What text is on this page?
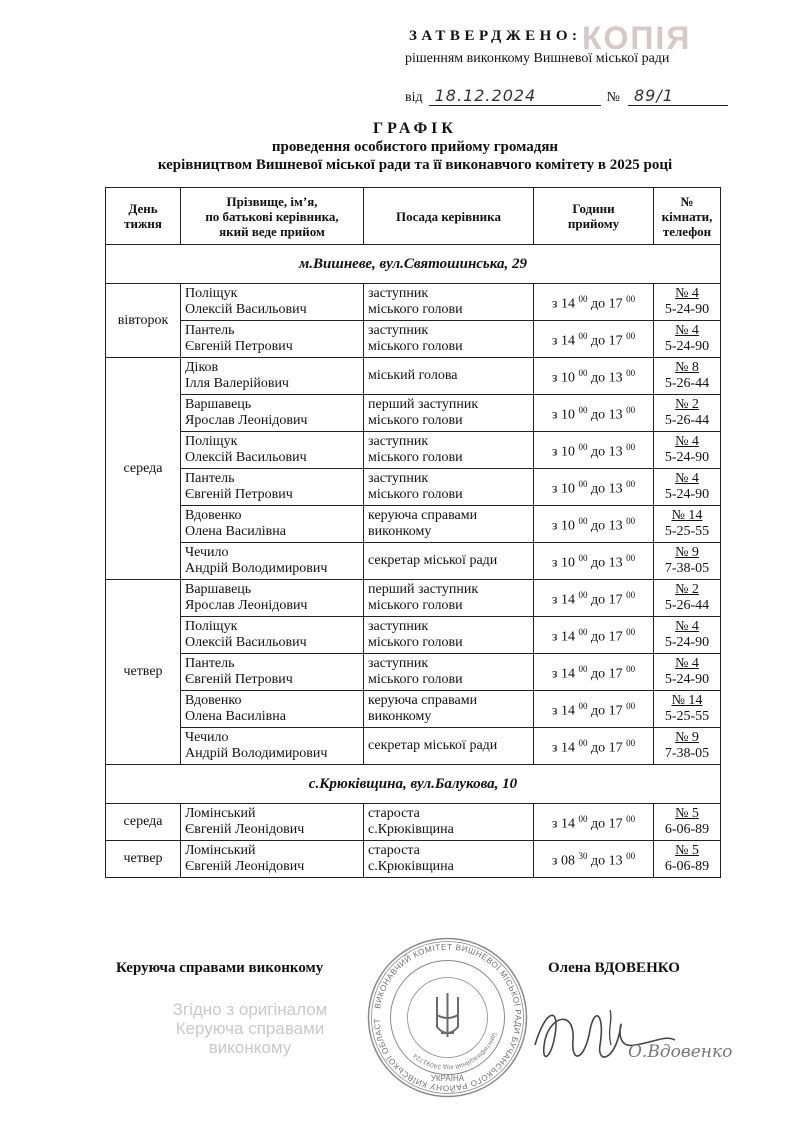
КОПІЯ
ЗАТВЕРДЖЕНО:
рішенням виконкому Вишневої міської ради
від 18.12.2024	№ 89/1
ГРАФІК
проведення особистого прийому громадян
керівництвом Вишневої міської ради та її виконавчого комітету в 2025 році
День
тижня	Прізвище, ім’я,
по батькові керівника,
який веде прийом	Посада керівника	Години
прийому	№
кімнати,
телефон

м.Вишневе, вул.Святошинська, 29				
вівторок	Поліщук
Олексій Васильович	заступник
міського голови	з 14 $^{00}$ до 17 $^{00}$	№ 4
5-24-90

	Пантель
Євгеній Петрович	заступник
міського голови	з 14 $^{00}$ до 17 $^{00}$	№ 4
5-24-90

середа	Діков
Ілля Валерійович	міський голова	з 10 $^{00}$ до 13 $^{00}$	№ 8
5-26-44

	Варшавець
Ярослав Леонідович	перший заступник
міського голови	з 10 $^{00}$ до 13 $^{00}$	№ 2
5-26-44

	Поліщук
Олексій Васильович	заступник
міського голови	з 10 $^{00}$ до 13 $^{00}$	№ 4
5-24-90

	Пантель
Євгеній Петрович	заступник
міського голови	з 10 $^{00}$ до 13 $^{00}$	№ 4
5-24-90

	Вдовенко
Олена Василівна	керуюча справами
виконкому	з 10 $^{00}$ до 13 $^{00}$	№ 14
5-25-55

	Чечило
Андрій Володимирович	секретар міської ради	з 10 $^{00}$ до 13 $^{00}$	№ 9
7-38-05

четвер	Варшавець
Ярослав Леонідович	перший заступник
міського голови	з 14 $^{00}$ до 17 $^{00}$	№ 2
5-26-44

	Поліщук
Олексій Васильович	заступник
міського голови	з 14 $^{00}$ до 17 $^{00}$	№ 4
5-24-90

	Пантель
Євгеній Петрович	заступник
міського голови	з 14 $^{00}$ до 17 $^{00}$	№ 4
5-24-90

	Вдовенко
Олена Василівна	керуюча справами
виконкому	з 14 $^{00}$ до 17 $^{00}$	№ 14
5-25-55

	Чечило
Андрій Володимирович	секретар міської ради	з 14 $^{00}$ до 17 $^{00}$	№ 9
7-38-05

с.Крюківщина, вул.Балукова, 10				
середа	Ломінський
Євгеній Леонідович	староста
с.Крюківщина	з 14 $^{00}$ до 17 $^{00}$	№ 5
6-06-89

четвер	Ломінський
Євгеній Леонідович	староста
с.Крюківщина	з 08 $^{30}$ до 13 $^{00}$	№ 5
6-06-89
Керуюча справами виконкому	Олена ВДОВЕНКО
Згідно з оригіналом
Керуюча справами
виконкому
ВИКОНАВЧИЙ КОМІТЕТ ВИШНЕВОЇ МІСЬКОЇ РАДИ БУЧАНСЬКОГО РАЙОНУ КИЇВСЬКОЇ ОБЛАСТ
Ідентифікаційний код 34091724
УКРАЇНА
О.Вдовенко
